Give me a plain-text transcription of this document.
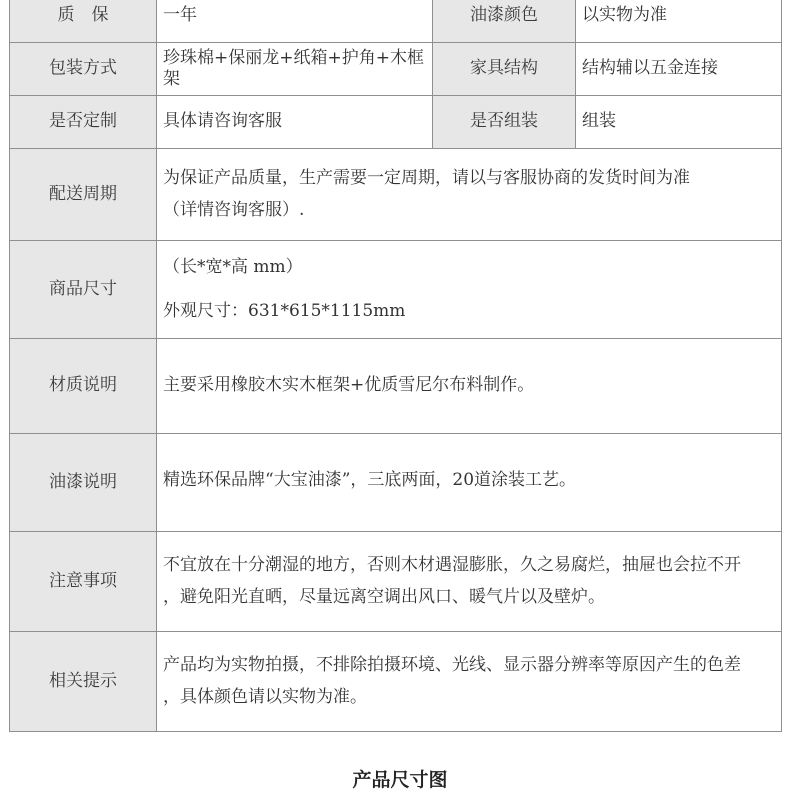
质　保	一年	油漆颜色	以实物为准
包装方式	珍珠棉+保丽龙+纸箱+护角+木框架	家具结构	结构辅以五金连接
是否定制	具体请咨询客服	是否组装	组装
配送周期	为保证产品质量，生产需要一定周期，请以与客服协商的发货时间为准
（详情咨询客服）.		

商品尺寸	（长*宽*高 mm）
外观尺寸：631*615*1115mm		

材质说明	主要采用橡胶木实木框架+优质雪尼尔布料制作。		

油漆说明	精选环保品牌“大宝油漆”，三底两面，20道涂装工艺。		

注意事项	不宜放在十分潮湿的地方，否则木材遇湿膨胀，久之易腐烂，抽屉也会拉不开
，避免阳光直晒，尽量远离空调出风口、暖气片以及壁炉。		

相关提示	产品均为实物拍摄，不排除拍摄环境、光线、显示器分辨率等原因产生的色差
，具体颜色请以实物为准。		
产品尺寸图
